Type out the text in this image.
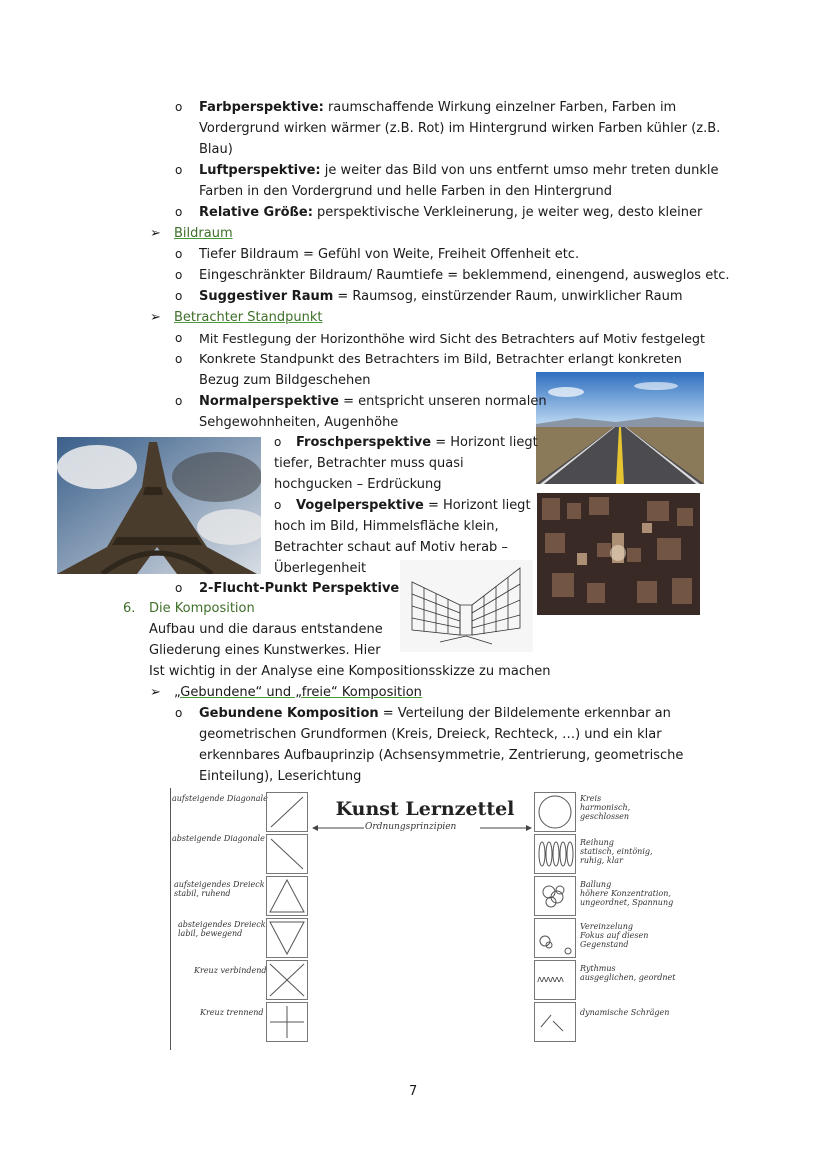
o Farbperspektive: raumschaffende Wirkung einzelner Farben, Farben im
Vordergrund wirken wärmer (z.B. Rot) im Hintergrund wirken Farben kühler (z.B.
Blau)
o Luftperspektive: je weiter das Bild von uns entfernt umso mehr treten dunkle
Farben in den Vordergrund und helle Farben in den Hintergrund
o Relative Größe: perspektivische Verkleinerung, je weiter weg, desto kleiner
➢ Bildraum
o Tiefer Bildraum = Gefühl von Weite, Freiheit Offenheit etc.
o Eingeschränkter Bildraum/ Raumtiefe = beklemmend, einengend, ausweglos etc.
o Suggestiver Raum = Raumsog, einstürzender Raum, unwirklicher Raum
➢ Betrachter Standpunkt
o Mit Festlegung der Horizonthöhe wird Sicht des Betrachters auf Motiv festgelegt
o Konkrete Standpunkt des Betrachters im Bild, Betrachter erlangt konkreten
Bezug zum Bildgeschehen
o Normalperspektive = entspricht unseren normalen
Sehgewohnheiten, Augenhöhe
o Froschperspektive = Horizont liegt
tiefer, Betrachter muss quasi
hochgucken – Erdrückung
o Vogelperspektive = Horizont liegt
hoch im Bild, Himmelsfläche klein,
Betrachter schaut auf Motiv herab –
Überlegenheit
o 2-Flucht-Punkt Perspektive
6. Die Komposition
Aufbau und die daraus entstandene
Gliederung eines Kunstwerkes. Hier
Ist wichtig in der Analyse eine Kompositionsskizze zu machen
➢ „Gebundene“ und „freie“ Komposition
o Gebundene Komposition = Verteilung der Bildelemente erkennbar an
geometrischen Grundformen (Kreis, Dreieck, Rechteck, …) und ein klar
erkennbares Aufbauprinzip (Achsensymmetrie, Zentrierung, geometrische
Einteilung), Leserichtung
Kunst Lernzettel
Ordnungsprinzipien
aufsteigende Diagonale
absteigende Diagonale
aufsteigendes Dreieck
stabil, ruhend
absteigendes Dreieck
labil, bewegend
Kreuz verbindend
Kreuz trennend
ʌʌʌʌʌʌ
Kreis
harmonisch,
geschlossen
Reihung
statisch, eintönig,
ruhig, klar
Ballung
höhere Konzentration,
ungeordnet, Spannung
Vereinzelung
Fokus auf diesen
Gegenstand
Rythmus
ausgeglichen, geordnet
dynamische Schrägen
7
